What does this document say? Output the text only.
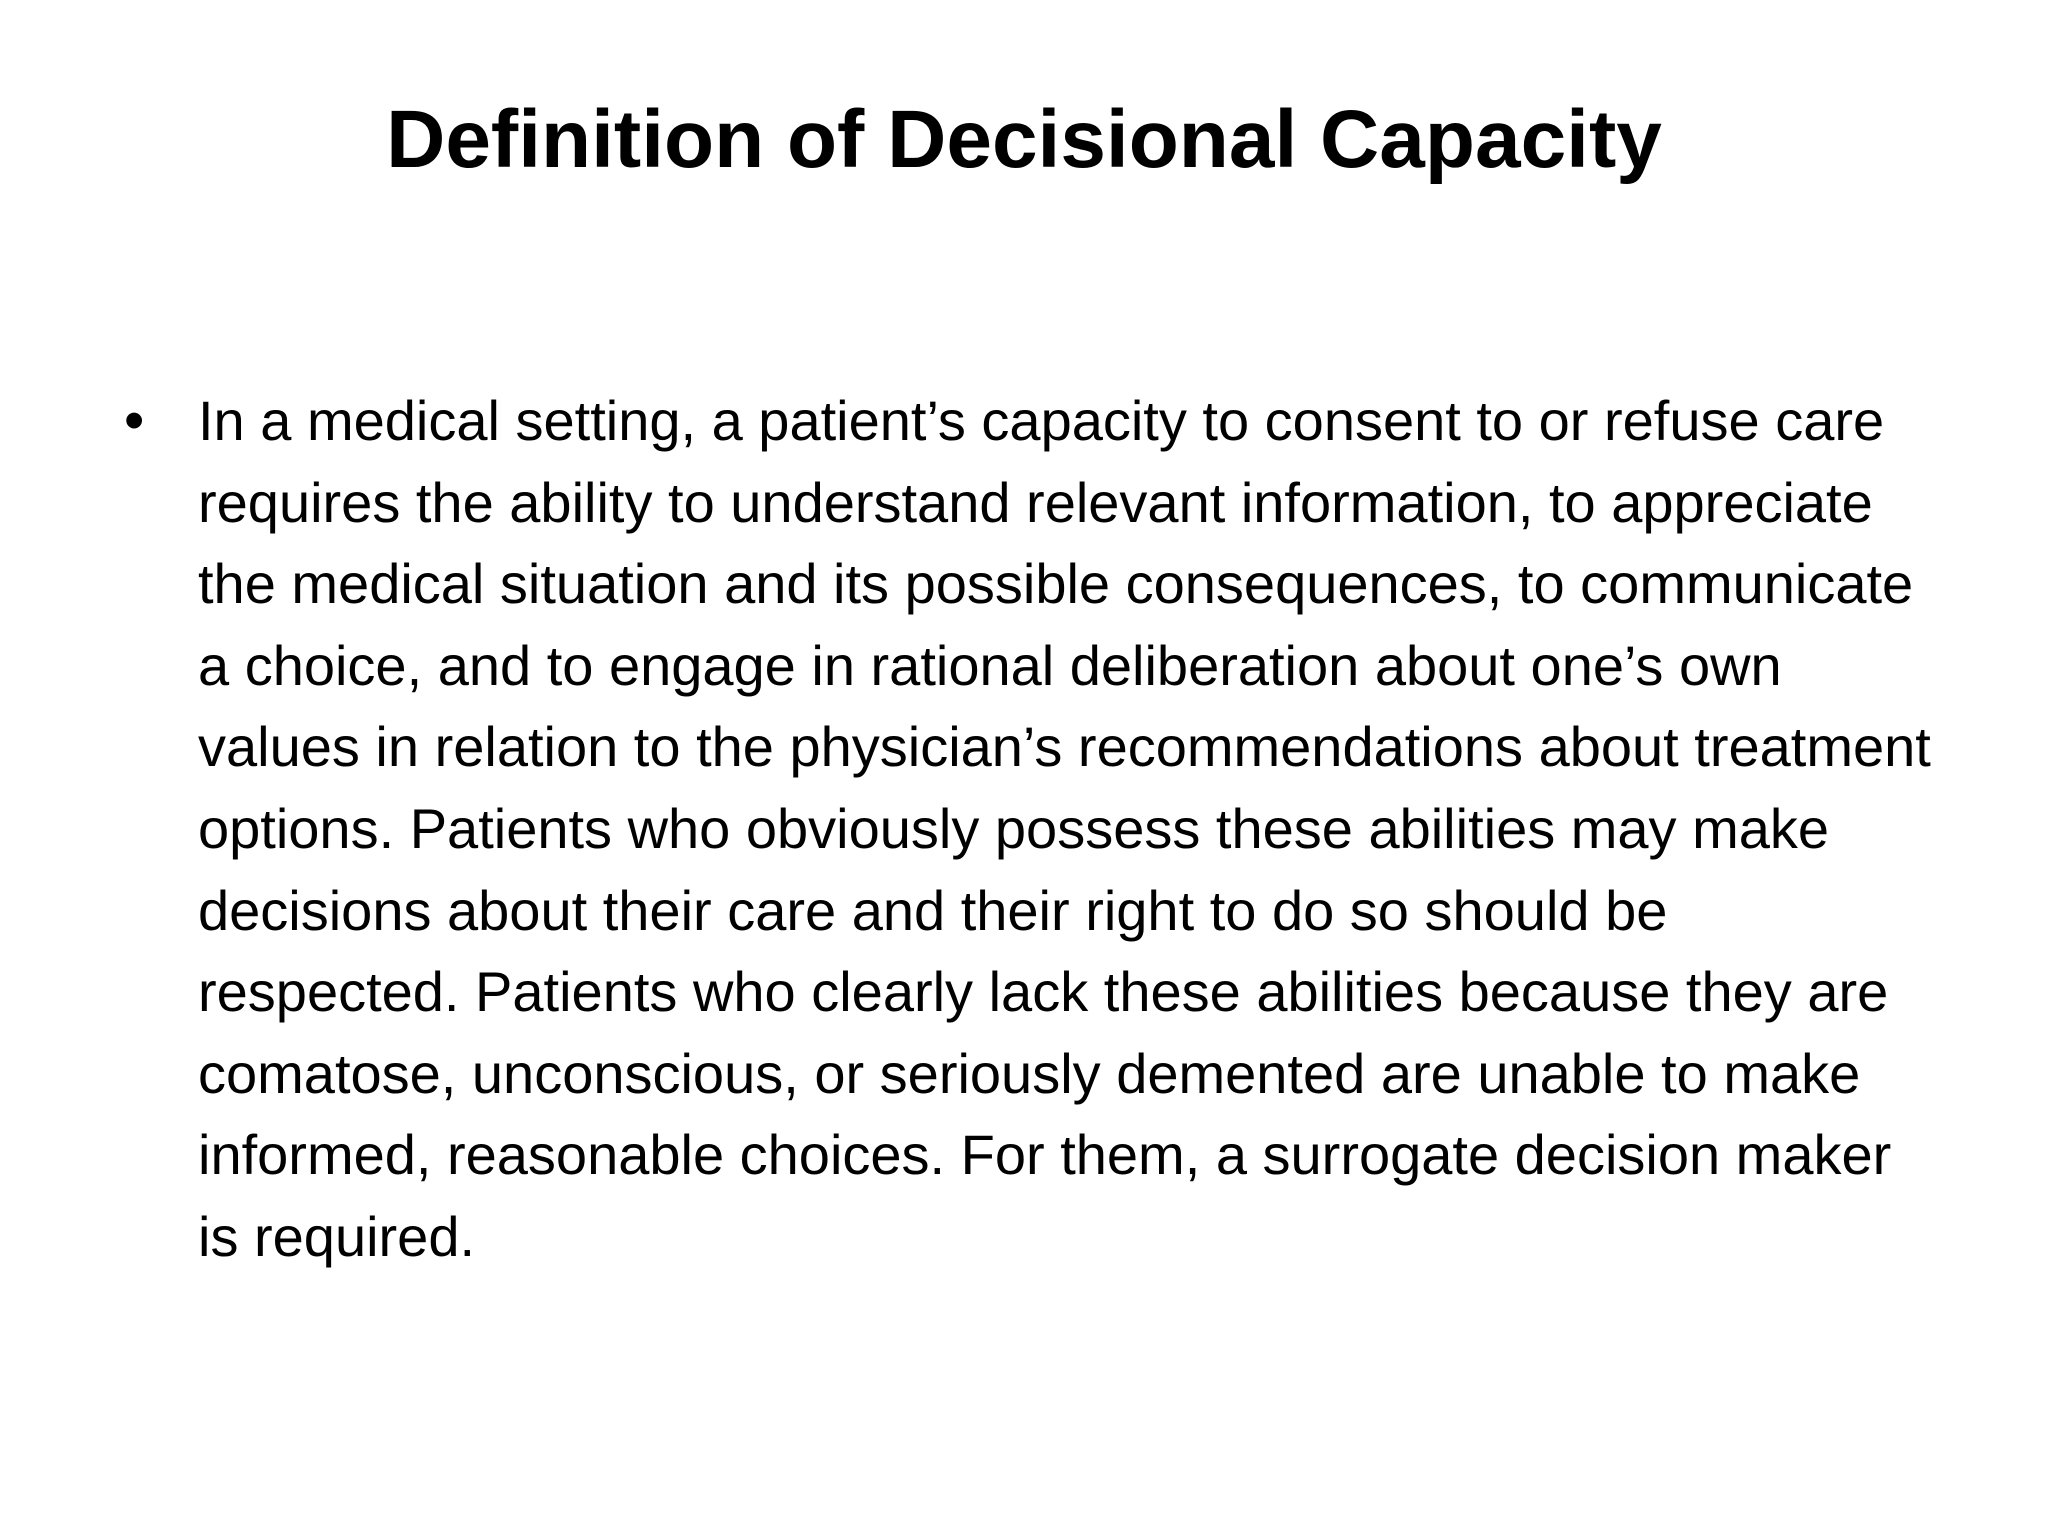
Definition of Decisional Capacity
• In a medical setting, a patient’s capacity to consent to or refuse care requires the ability to understand relevant information, to appreciate the medical situation and its possible consequences, to communicate a choice, and to engage in rational deliberation about one’s own values in relation to the physician’s recommendations about treatment options. Patients who obviously possess these abilities may make decisions about their care and their right to do so should be respected. Patients who clearly lack these abilities because they are comatose, unconscious, or seriously demented are unable to make informed, reasonable choices. For them, a surrogate decision maker is required.
